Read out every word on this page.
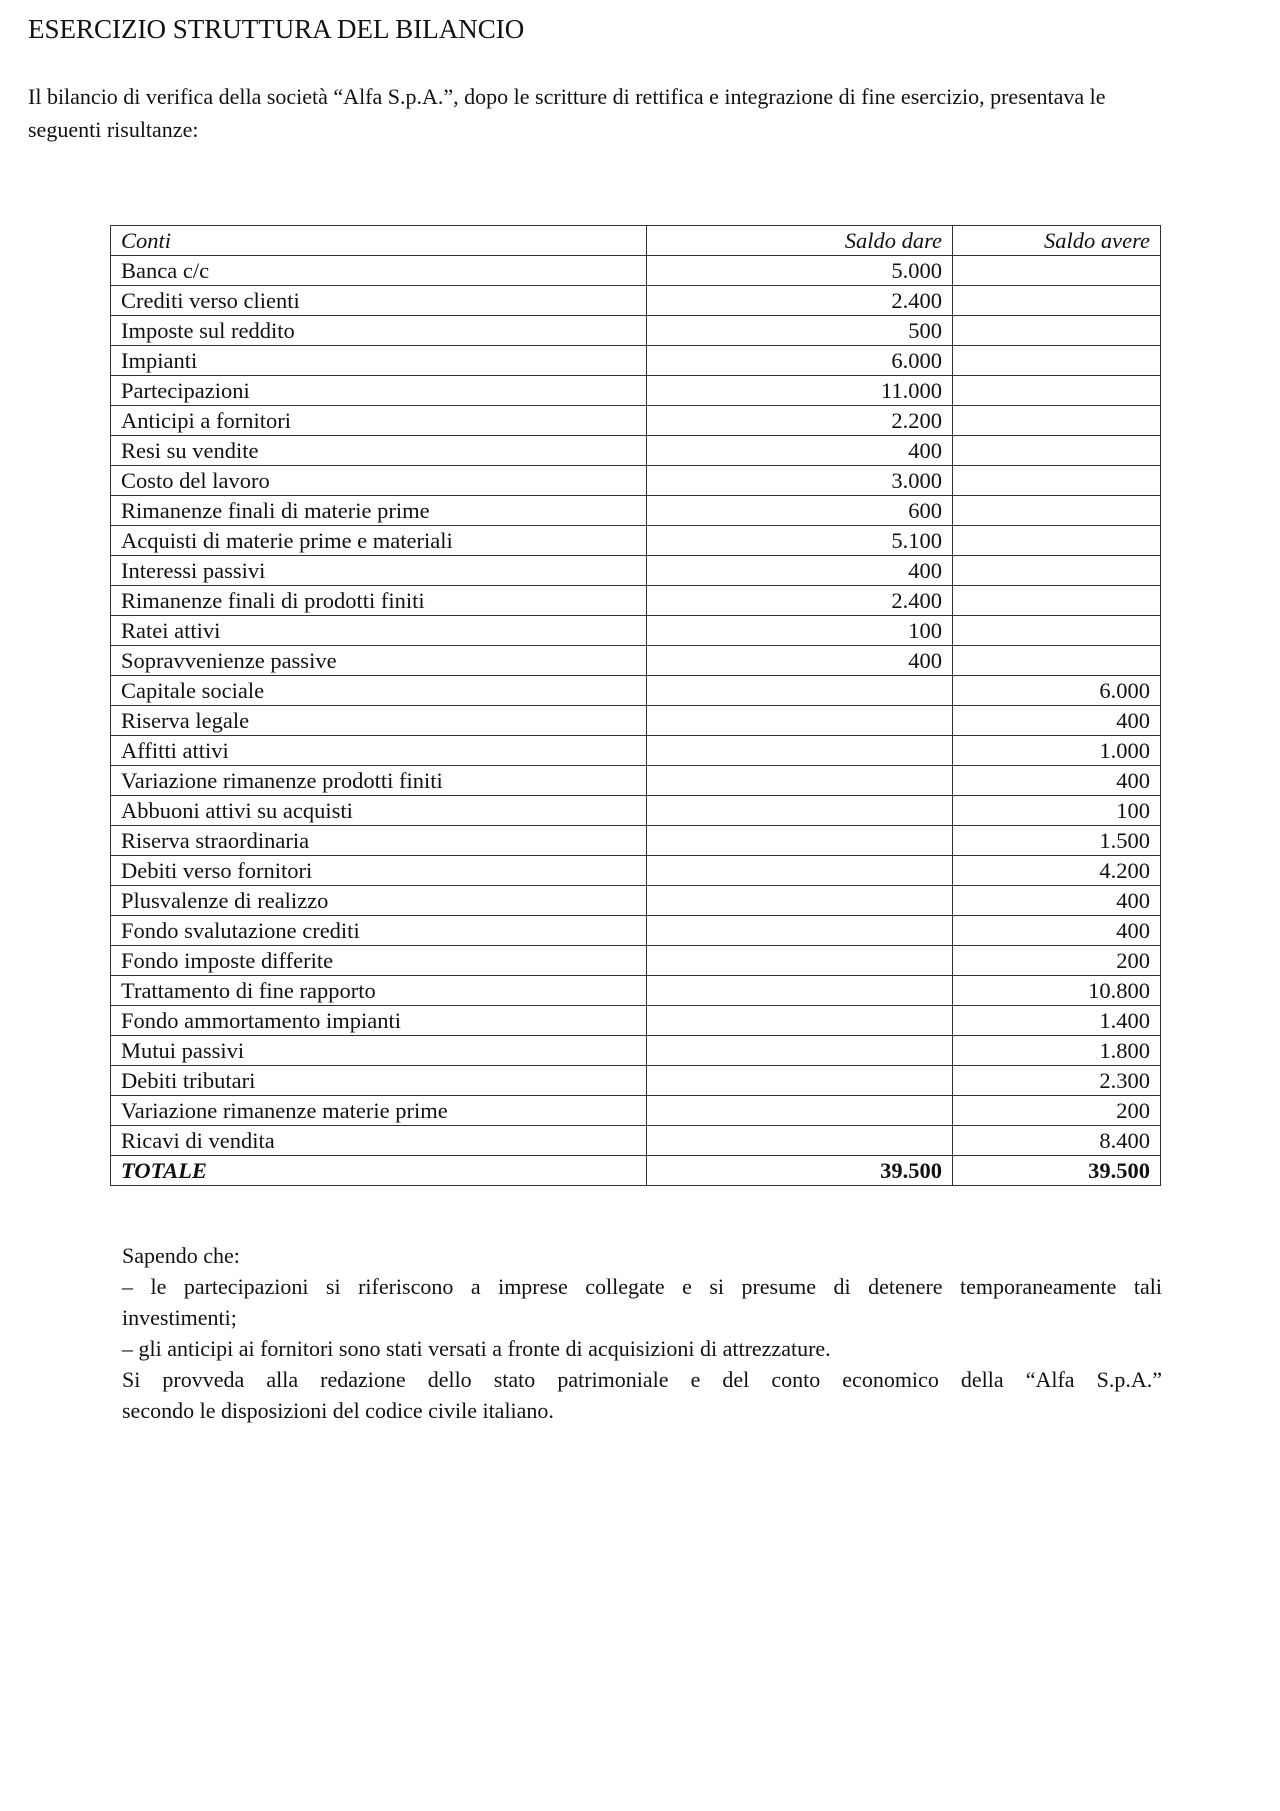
ESERCIZIO STRUTTURA DEL BILANCIO
Il bilancio di verifica della società “Alfa S.p.A.”, dopo le scritture di rettifica e integrazione di fine esercizio, presentava le seguenti risultanze:
Conti	Saldo dare	Saldo avere
Banca c/c	5.000	
Crediti verso clienti	2.400	
Imposte sul reddito	500	
Impianti	6.000	
Partecipazioni	11.000	
Anticipi a fornitori	2.200	
Resi su vendite	400	
Costo del lavoro	3.000	
Rimanenze finali di materie prime	600	
Acquisti di materie prime e materiali	5.100	
Interessi passivi	400	
Rimanenze finali di prodotti finiti	2.400	
Ratei attivi	100	
Sopravvenienze passive	400	
Capitale sociale		6.000
Riserva legale		400
Affitti attivi		1.000
Variazione rimanenze prodotti finiti		400
Abbuoni attivi su acquisti		100
Riserva straordinaria		1.500
Debiti verso fornitori		4.200
Plusvalenze di realizzo		400
Fondo svalutazione crediti		400
Fondo imposte differite		200
Trattamento di fine rapporto		10.800
Fondo ammortamento impianti		1.400
Mutui passivi		1.800
Debiti tributari		2.300
Variazione rimanenze materie prime		200
Ricavi di vendita		8.400
TOTALE	39.500	39.500

Sapendo che:

– le partecipazioni si riferiscono a imprese collegate e si presume di detenere temporaneamente tali

investimenti;

– gli anticipi ai fornitori sono stati versati a fronte di acquisizioni di attrezzature.

Si provveda alla redazione dello stato patrimoniale e del conto economico della “Alfa S.p.A.”

secondo le disposizioni del codice civile italiano.
